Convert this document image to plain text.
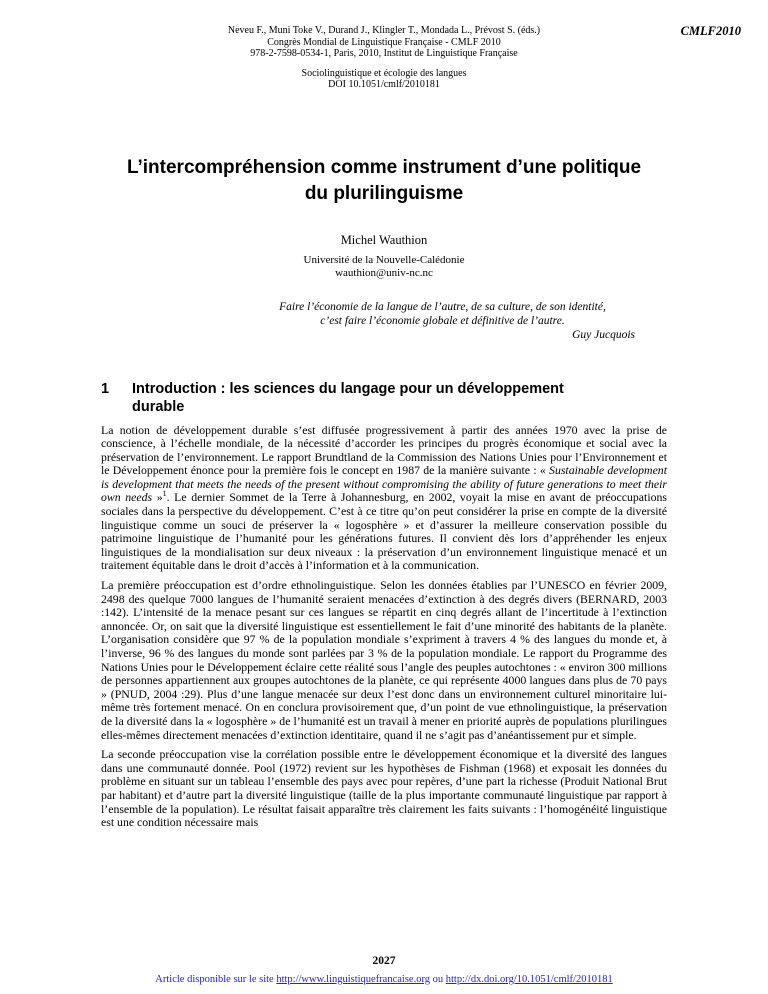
Neveu F., Muni Toke V., Durand J., Klingler T., Mondada L., Prévost S. (éds.)
Congrès Mondial de Linguistique Française - CMLF 2010
978-2-7598-0534-1, Paris, 2010, Institut de Linguistique Française
CMLF2010
Sociolinguistique et écologie des langues
DOI 10.1051/cmlf/2010181
L’intercompréhension comme instrument d’une politique du plurilinguisme
Michel Wauthion
Université de la Nouvelle-Calédonie
wauthion@univ-nc.nc
Faire l’économie de la langue de l’autre, de sa culture, de son identité,
c’est faire l’économie globale et définitive de l’autre.
Guy Jucquois
1	Introduction : les sciences du langage pour un développement durable

La notion de développement durable s’est diffusée progressivement à partir des années 1970 avec la prise de conscience, à l’échelle mondiale, de la nécessité d’accorder les principes du progrès économique et social avec la préservation de l’environnement. Le rapport Brundtland de la Commission des Nations Unies pour l’Environnement et le Développement énonce pour la première fois le concept en 1987 de la manière suivante : « Sustainable development is development that meets the needs of the present without compromising the ability of future generations to meet their own needs »$^1$. Le dernier Sommet de la Terre à Johannesburg, en 2002, voyait la mise en avant de préoccupations sociales dans la perspective du développement. C’est à ce titre qu’on peut considérer la prise en compte de la diversité linguistique comme un souci de préserver la « logosphère » et d’assurer la meilleure conservation possible du patrimoine linguistique de l’humanité pour les générations futures. Il convient dès lors d’appréhender les enjeux linguistiques de la mondialisation sur deux niveaux : la préservation d’un environnement linguistique menacé et un traitement équitable dans le droit d’accès à l’information et à la communication.

La première préoccupation est d’ordre ethnolinguistique. Selon les données établies par l’UNESCO en février 2009, 2498 des quelque 7000 langues de l’humanité seraient menacées d’extinction à des degrés divers (BERNARD, 2003 :142). L’intensité de la menace pesant sur ces langues se répartit en cinq degrés allant de l’incertitude à l’extinction annoncée. Or, on sait que la diversité linguistique est essentiellement le fait d’une minorité des habitants de la planète. L’organisation considère que 97 % de la population mondiale s’expriment à travers 4 % des langues du monde et, à l’inverse, 96 % des langues du monde sont parlées par 3 % de la population mondiale. Le rapport du Programme des Nations Unies pour le Développement éclaire cette réalité sous l’angle des peuples autochtones : « environ 300 millions de personnes appartiennent aux groupes autochtones de la planète, ce qui représente 4000 langues dans plus de 70 pays » (PNUD, 2004 :29). Plus d’une langue menacée sur deux l’est donc dans un environnement culturel minoritaire lui-même très fortement menacé. On en conclura provisoirement que, d’un point de vue ethnolinguistique, la préservation de la diversité dans la « logosphère » de l’humanité est un travail à mener en priorité auprès de populations plurilingues elles-mêmes directement menacées d’extinction identitaire, quand il ne s’agit pas d’anéantissement pur et simple.

La seconde préoccupation vise la corrélation possible entre le développement économique et la diversité des langues dans une communauté donnée. Pool (1972) revient sur les hypothèses de Fishman (1968) et exposait les données du problème en situant sur un tableau l’ensemble des pays avec pour repères, d’une part la richesse (Produit National Brut par habitant) et d’autre part la diversité linguistique (taille de la plus importante communauté linguistique par rapport à l’ensemble de la population). Le résultat faisait apparaître très clairement les faits suivants : l’homogénéité linguistique est une condition nécessaire mais

2027
Article disponible sur le site http://www.linguistiquefrancaise.org ou http://dx.doi.org/10.1051/cmlf/2010181
